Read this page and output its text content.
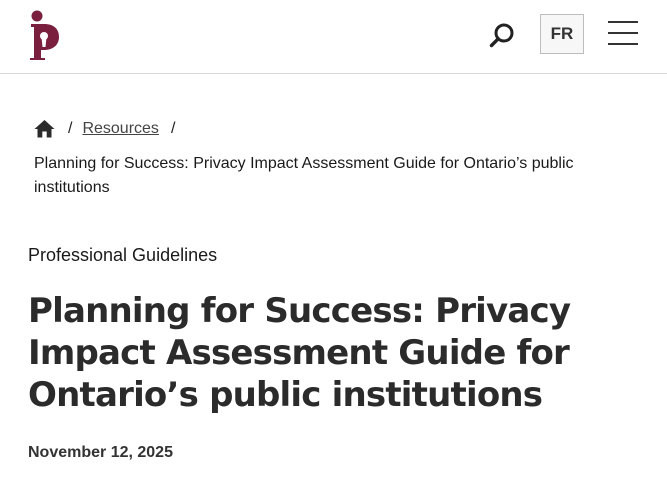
FR
/ Resources /
Planning for Success: Privacy Impact Assessment Guide for Ontario’s public institutions
Professional Guidelines
Planning for Success: Privacy Impact Assessment Guide for Ontario’s public institutions
November 12, 2025
